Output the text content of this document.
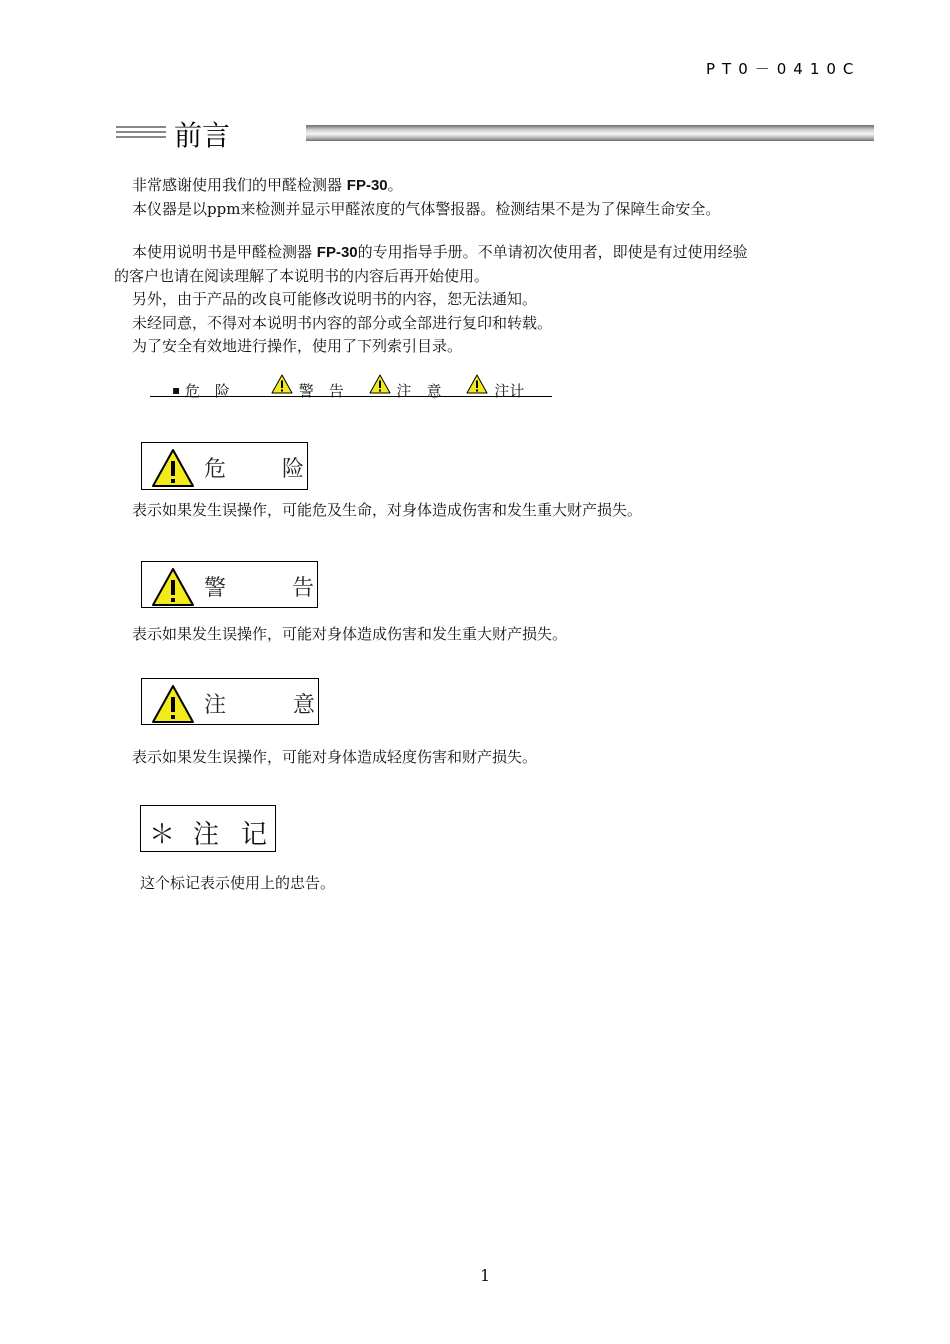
PT0－0410C
前言

非常感谢使用我们的甲醛检测器 FP-30。

本仪器是以ppm来检测并显示甲醛浓度的气体警报器。检测结果不是为了保障生命安全。

本使用说明书是甲醛检测器 FP-30的专用指导手册。不单请初次使用者，即使是有过使用经验

的客户也请在阅读理解了本说明书的内容后再开始使用。

另外，由于产品的改良可能修改说明书的内容，恕无法通知。

未经同意，不得对本说明书内容的部分或全部进行复印和转载。

为了安全有效地进行操作，使用了下列索引目录。

▪ 危　险	警　告	注　意	注计
危	险
表示如果发生误操作，可能危及生命，对身体造成伤害和发生重大财产损失。
警	告
表示如果发生误操作，可能对身体造成伤害和发生重大财产损失。
注	意
表示如果发生误操作，可能对身体造成轻度伤害和财产损失。
＊ 注 记
这个标记表示使用上的忠告。
1
